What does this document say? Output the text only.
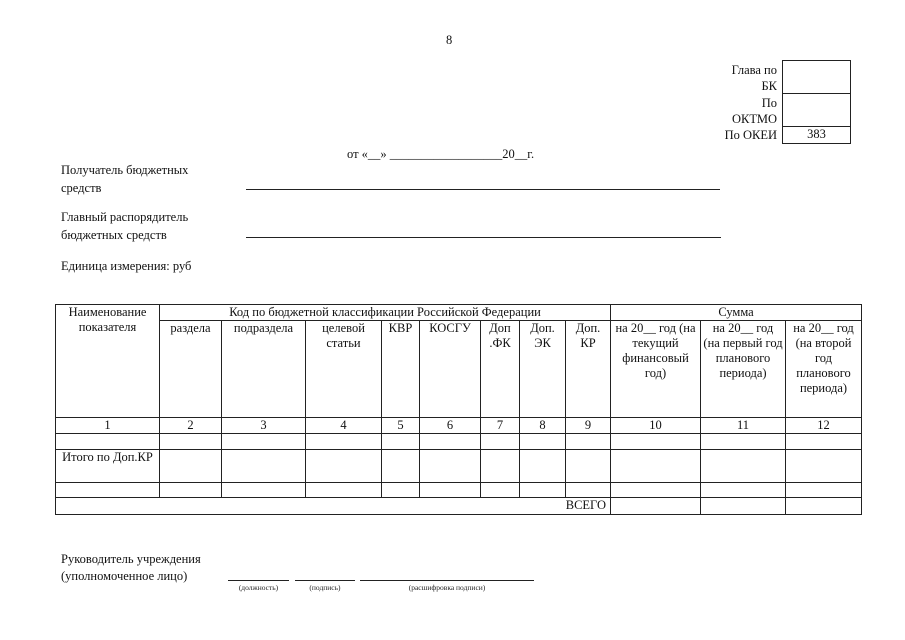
8
Глава по БК
По ОКТМО
По ОКЕИ	383
от «__» __________________20__г.
Получатель бюджетных средств
Главный распорядитель бюджетных средств
Единица измерения: руб
Наименование показателя	Код по бюджетной классификации Российской Федерации								Сумма		
	раздела	подраздела	целевой статьи	КВР	КОСГУ	Доп .ФК	Доп. ЭК	Доп. КР	на 20__ год (на текущий финансовый год)	на 20__ год (на первый год планового периода)	на 20__ год (на второй год планового периода)
1	2	3	4	5	6	7	8	9	10	11	12

Итого по Доп.КР											

ВСЕГО											
Руководитель учреждения
(уполномоченное лицо)
(должность)	(подпись)	(расшифровка подписи)
